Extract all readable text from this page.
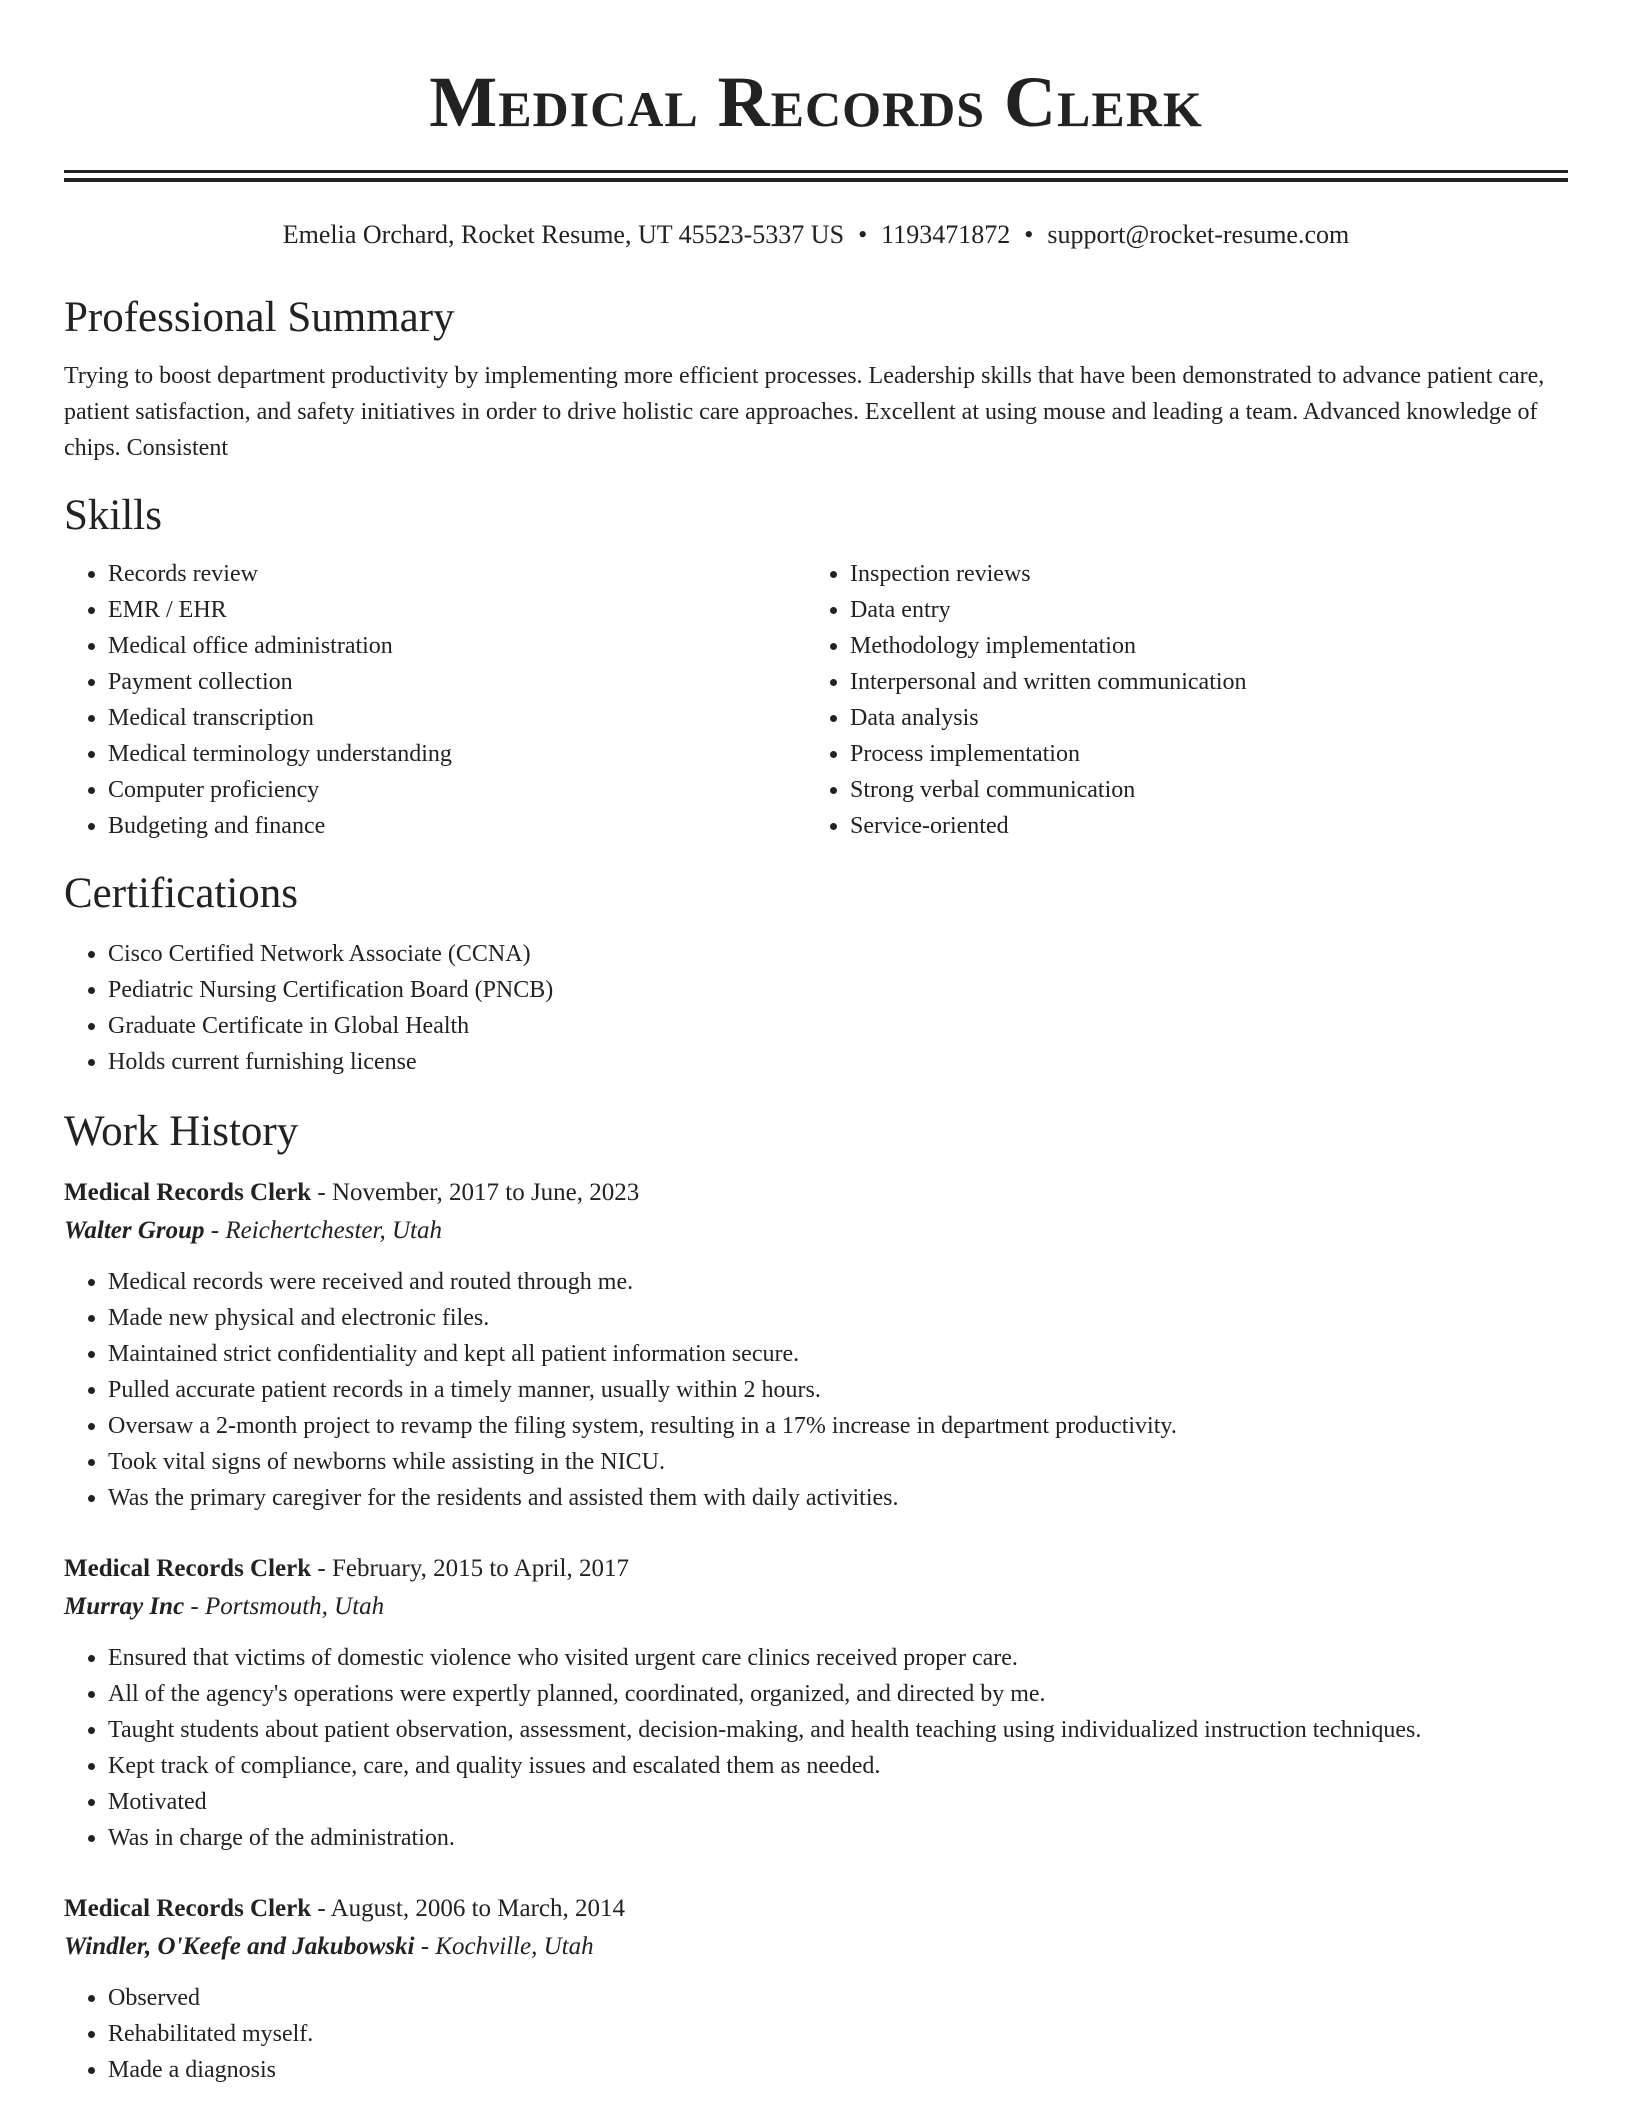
Medical Records Clerk
Emelia Orchard, Rocket Resume, UT 45523-5337 US • 1193471872 • support@rocket-resume.com
Professional Summary
Trying to boost department productivity by implementing more efficient processes. Leadership skills that have been demonstrated to advance patient care, patient satisfaction, and safety initiatives in order to drive holistic care approaches. Excellent at using mouse and leading a team. Advanced knowledge of chips. Consistent
Skills
• Records review
• EMR / EHR
• Medical office administration
• Payment collection
• Medical transcription
• Medical terminology understanding
• Computer proficiency
• Budgeting and finance
• Inspection reviews
• Data entry
• Methodology implementation
• Interpersonal and written communication
• Data analysis
• Process implementation
• Strong verbal communication
• Service-oriented
Certifications
• Cisco Certified Network Associate (CCNA)
• Pediatric Nursing Certification Board (PNCB)
• Graduate Certificate in Global Health
• Holds current furnishing license
Work History
Medical Records Clerk - November, 2017 to June, 2023
Walter Group - Reichertchester, Utah
• Medical records were received and routed through me.
• Made new physical and electronic files.
• Maintained strict confidentiality and kept all patient information secure.
• Pulled accurate patient records in a timely manner, usually within 2 hours.
• Oversaw a 2-month project to revamp the filing system, resulting in a 17% increase in department productivity.
• Took vital signs of newborns while assisting in the NICU.
• Was the primary caregiver for the residents and assisted them with daily activities.
Medical Records Clerk - February, 2015 to April, 2017
Murray Inc - Portsmouth, Utah
• Ensured that victims of domestic violence who visited urgent care clinics received proper care.
• All of the agency's operations were expertly planned, coordinated, organized, and directed by me.
• Taught students about patient observation, assessment, decision-making, and health teaching using individualized instruction techniques.
• Kept track of compliance, care, and quality issues and escalated them as needed.
• Motivated
• Was in charge of the administration.
Medical Records Clerk - August, 2006 to March, 2014
Windler, O'Keefe and Jakubowski - Kochville, Utah
• Observed
• Rehabilitated myself.
• Made a diagnosis
